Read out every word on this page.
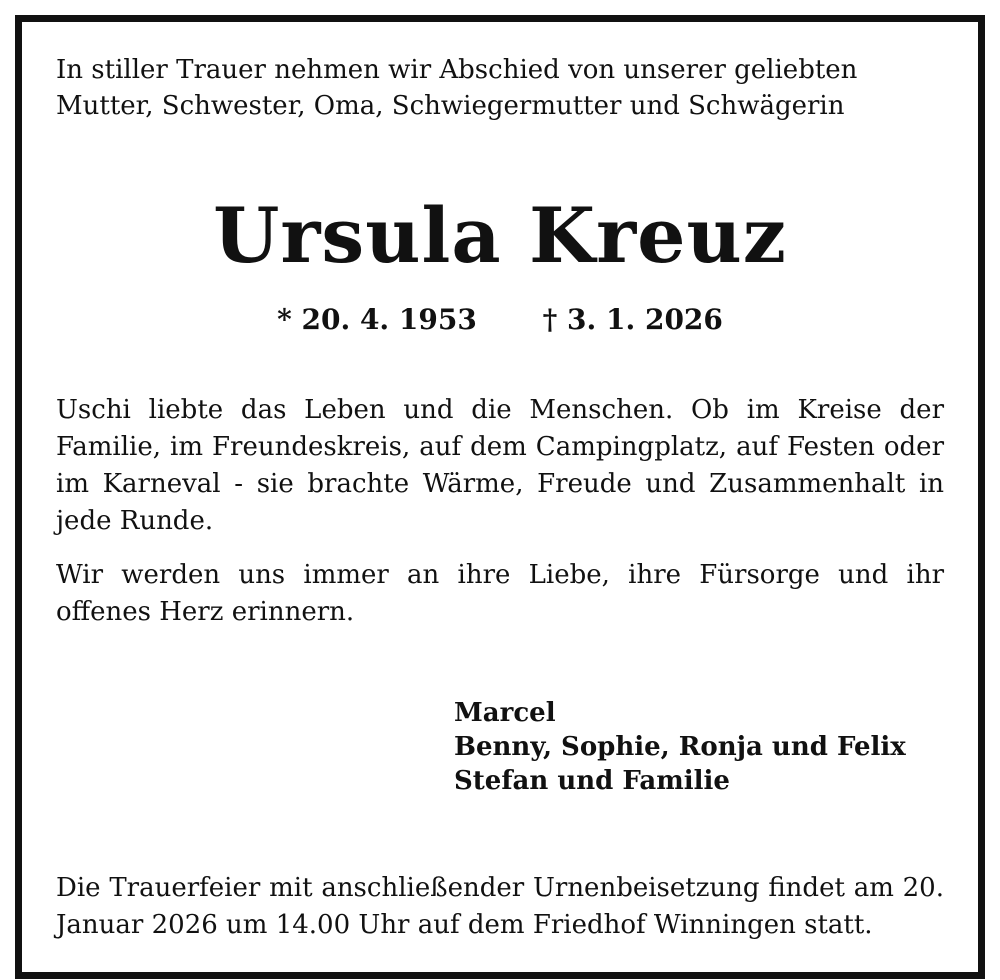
In stiller Trauer nehmen wir Abschied von unserer geliebten
Mutter, Schwester, Oma, Schwiegermutter und Schwägerin

Ursula Kreuz
* 20. 4. 1953 † 3. 1. 2026

Uschi liebte das Leben und die Menschen. Ob im Kreise der Familie, im Freundeskreis, auf dem Campingplatz, auf Festen oder im Karneval - sie brachte Wärme, Freude und Zusammenhalt in jede Runde.

Wir werden uns immer an ihre Liebe, ihre Fürsorge und ihr offenes Herz erinnern.

Marcel
Benny, Sophie, Ronja und Felix
Stefan und Familie

Die Trauerfeier mit anschließender Urnenbeisetzung findet am 20. Januar 2026 um 14.00 Uhr auf dem Friedhof Winningen statt.
